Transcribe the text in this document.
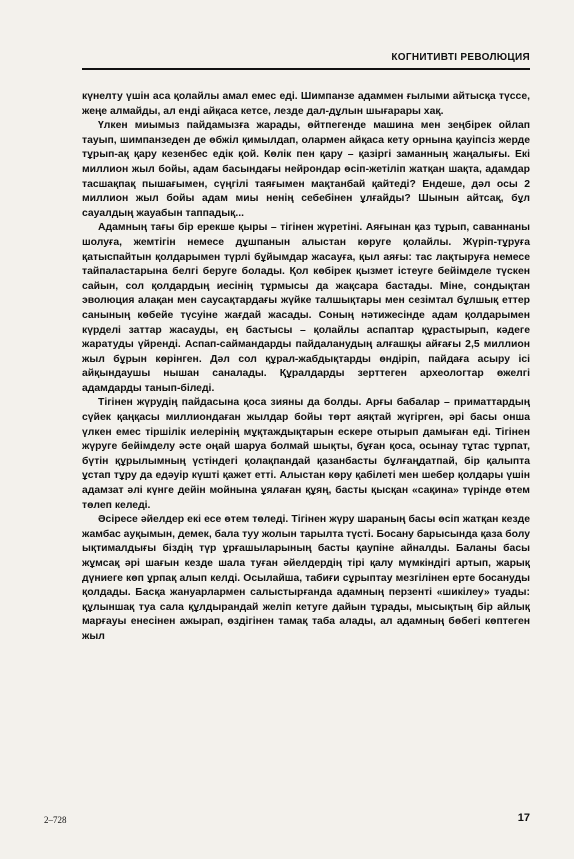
КОГНИТИВТІ РЕВОЛЮЦИЯ

күнелту үшін аса қолайлы амал емес еді. Шимпанзе адаммен ғылыми айтысқа түссе, жеңе алмайды, ал енді айқаса кетсе, лезде дал-дұлын шығарары хақ.

Үлкен миымыз пайдамызға жарады, өйтпегенде машина мен зеңбірек ойлап тауып, шимпанзеден де өбжіл қимылдап, олармен айқаса кету орнына қауіпсіз жерде тұрып-ақ қару кезенбес едік қой. Көлік пен қару – қазіргі заманның жаңалығы. Екі миллион жыл бойы, адам басындағы нейрондар өсіп-жетіліп жатқан шақта, адамдар тасшақпақ пышағымен, сүңгілі таяғымен мақтанбай қайтеді? Ендеше, дәл осы 2 миллион жыл бойы адам миы ненің себебінен ұлғайды? Шынын айтсақ, бұл сауалдың жауабын таппадық...

Адамның тағы бір ерекше қыры – тігінен жүретіні. Аяғынан қаз тұрып, саваннаны шолуға, жемтігін немесе дұшпанын алыстан көруге қолайлы. Жүріп-тұруға қатыспайтын қолдарымен түрлі бұйымдар жасауға, қыл аяғы: тас лақтыруға немесе тайпаластарына белгі беруге болады. Қол көбірек қызмет істеуге бейімделе түскен сайын, сол қолдардың иесінің тұрмысы да жақсара бастады. Міне, сондықтан эволюция алақан мен саусақтардағы жүйке талшықтары мен сезімтал бұлшық еттер санының көбейе түсуіне жағдай жасады. Соның нәтижесінде адам қолдарымен күрделі заттар жасауды, ең бастысы – қолайлы аспаптар құрастырып, кәдеге жаратуды үйренді. Аспап-саймандарды пайдаланудың алғашқы айғағы 2,5 миллион жыл бұрын көрінген. Дәл сол құрал-жабдықтарды өндіріп, пайдаға асыру ісі айқындаушы нышан саналады. Құралдарды зерттеген археологтар өжелгі адамдарды танып-біледі.

Тігінен жүрудің пайдасына қоса зияны да болды. Арғы бабалар – приматтардың сүйек қаңқасы миллиондаған жылдар бойы төрт аяқтай жүгірген, әрі басы онша үлкен емес тіршілік иелерінің мұқтаждықтарын ескере отырып дамыған еді. Тігінен жүруге бейімделу әсте оңай шаруа болмай шықты, бұған қоса, осынау тұтас тұрпат, бүтін құрылымның үстіндегі қолақпандай қазанбасты бұлғаңдатпай, бір қалыпта ұстап тұру да едәуір күшті қажет етті. Алыстан көру қабілеті мен шебер қолдары үшін адамзат әлі күнге дейін мойнына ұялаған құяң, басты қысқан «сақина» түрінде өтем төлеп келеді.

Әсіресе әйелдер екі есе өтем төледі. Тігінен жүру шараның басы өсіп жатқан кезде жамбас ауқымын, демек, бала туу жолын тарылта түсті. Босану барысында қаза болу ықтималдығы біздің түр ұрғашыларының басты қаупіне айналды. Баланы басы жұмсақ әрі шағын кезде шала туған әйелдердің тірі қалу мүмкіндігі артып, жарық дүниеге көп ұрпақ алып келді. Осылайша, табиғи сұрыптау мезгілінен ерте босануды қолдады. Басқа жануарлармен салыстырғанда адамның перзенті «шикілеу» туады: құлыншақ туа сала құлдырандай желіп кетуге дайын тұрады, мысықтың бір айлық марғауы енесінен ажырап, өздігінен тамақ таба алады, ал адамның бөбегі көптеген жыл

2–728	17
